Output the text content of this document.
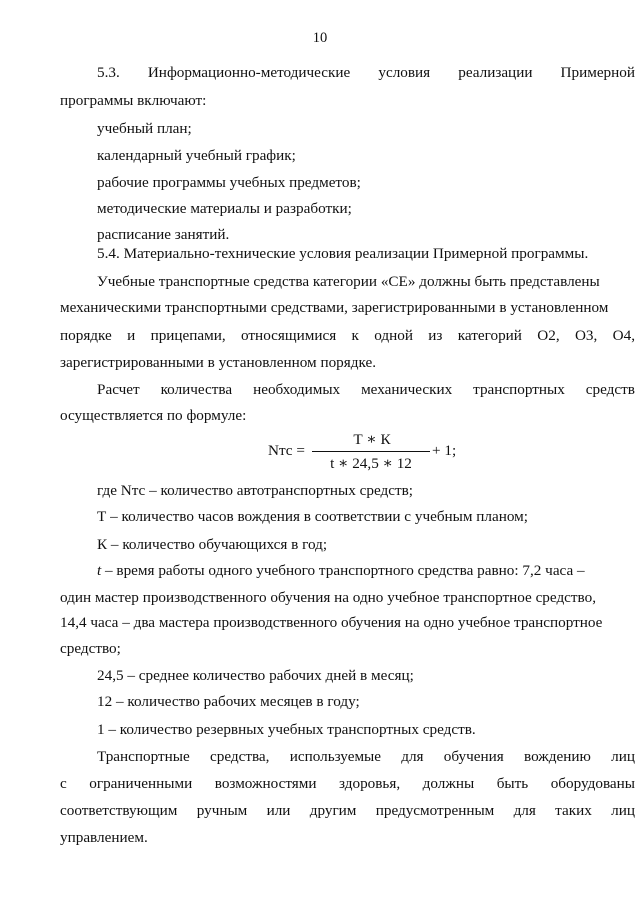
10
5.3. Информационно-методические условия реализации Примерной
программы включают:
учебный план;
календарный учебный график;
рабочие программы учебных предметов;
методические материалы и разработки;
расписание занятий.
5.4. Материально-технические условия реализации Примерной программы.
Учебные транспортные средства категории «СЕ» должны быть представлены
механическими транспортными средствами, зарегистрированными в установленном
порядке и прицепами, относящимися к одной из категорий О2, О3, О4,
зарегистрированными в установленном порядке.
Расчет количества необходимых механических транспортных средств
осуществляется по формуле:
Nтс =
Т ∗ К
t ∗ 24,5 ∗ 12
+ 1;
где Nтс – количество автотранспортных средств;
Т – количество часов вождения в соответствии с учебным планом;
К – количество обучающихся в год;
t – время работы одного учебного транспортного средства равно: 7,2 часа –
один мастер производственного обучения на одно учебное транспортное средство,
14,4 часа – два мастера производственного обучения на одно учебное транспортное
средство;
24,5 – среднее количество рабочих дней в месяц;
12 – количество рабочих месяцев в году;
1 – количество резервных учебных транспортных средств.
Транспортные средства, используемые для обучения вождению лиц
с ограниченными возможностями здоровья, должны быть оборудованы
соответствующим ручным или другим предусмотренным для таких лиц
управлением.
